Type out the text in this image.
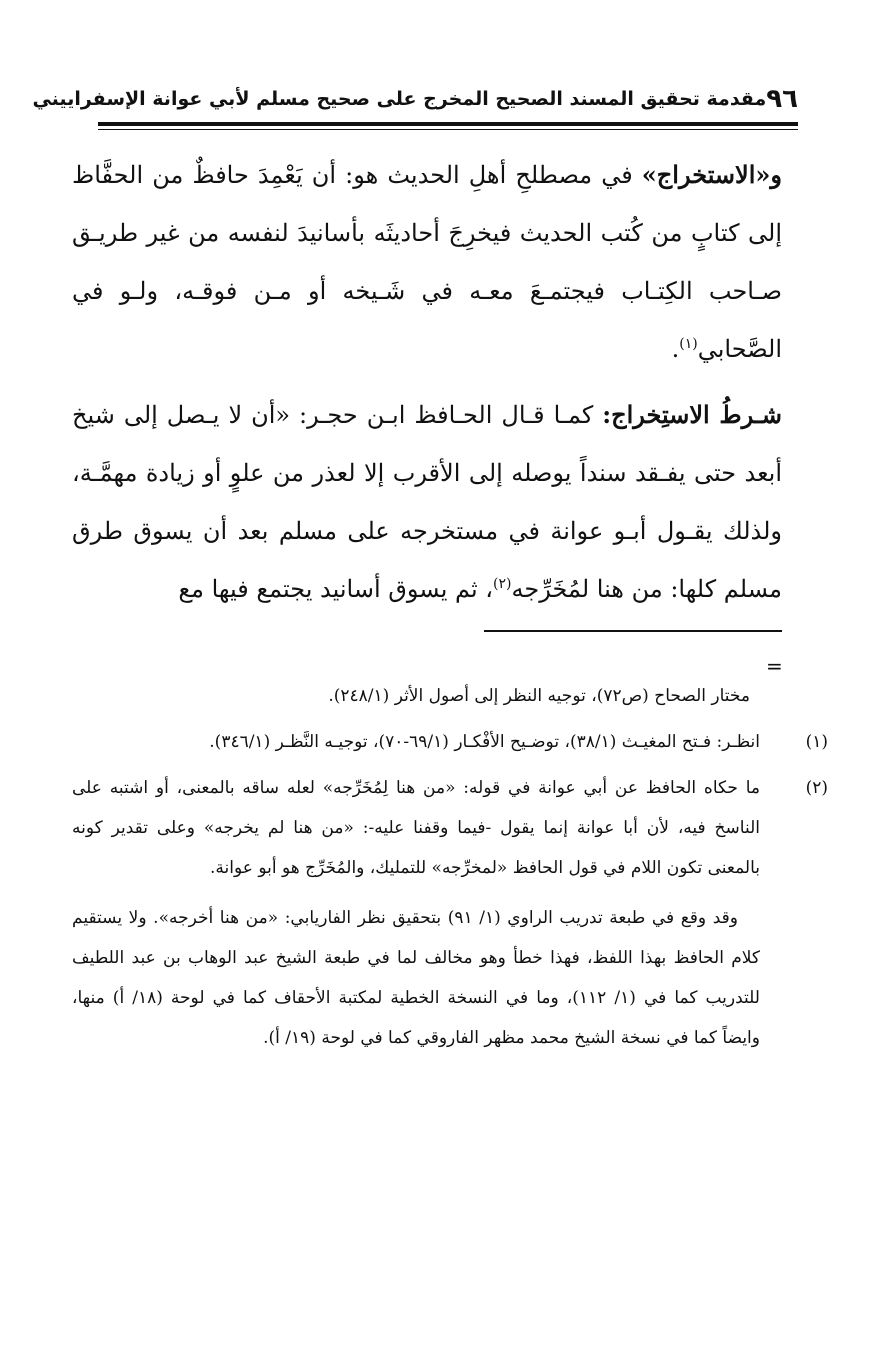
٩٦
مقدمة تحقيق المسند الصحيح المخرج على صحيح مسلم لأبي عوانة الإسفراييني

و«الاستخراج» في مصطلحِ أهلِ الحديث هو: أن يَعْمِدَ حافظٌ من الحفَّاظ إلى كتابٍ من كُتب الحديث فيخرِجَ أحاديثَه بأسانيدَ لنفسه من غير طريـق صـاحب الكِتـاب فيجتمـعَ معـه في شَـيخه أو مـن فوقـه، ولـو في الصَّحابي$^{(١)}$.

شـرطُ الاستِخراج: كمـا قـال الحـافظ ابـن حجـر: «أن لا يـصل إلى شيخ أبعد حتى يفـقد سنداً يوصله إلى الأقرب إلا لعذر من علوٍ أو زيادة مهمَّـة، ولذلك يقـول أبـو عوانة في مستخرجه على مسلم بعد أن يسوق طرق مسلم كلها: من هنا لمُخَرِّجه$^{(٢)}$، ثم يسوق أسانيد يجتمع فيها مع

=

مختار الصحاح (ص٧٢)، توجيه النظر إلى أصول الأثر (٢٤٨/١).

(١)انظـر: فـتح المغيـث (٣٨/١)، توضـيح الأفْكـار (٦٩/١-٧٠)، توجيـه النَّظـر (٣٤٦/١).

(٢)ما حكاه الحافظ عن أبي عوانة في قوله: «من هنا لِمُخَرِّجه» لعله ساقه بالمعنى، أو اشتبه على الناسخ فيه، لأن أبا عوانة إنما يقول -فيما وقفنا عليه-: «من هنا لم يخرجه» وعلى تقدير كونه بالمعنى تكون اللام في قول الحافظ «لمخرِّجه» للتمليك، والمُخَرِّج هو أبو عوانة.

وقد وقع في طبعة تدريب الراوي (١/ ٩١) بتحقيق نظر الفاريابي: «من هنا أخرجه». ولا يستقيم كلام الحافظ بهذا اللفظ، فهذا خطأ وهو مخالف لما في طبعة الشيخ عبد الوهاب بن عبد اللطيف للتدريب كما في (١/ ١١٢)، وما في النسخة الخطية لمكتبة الأحقاف كما في لوحة (١٨/ أ) منها، وايضاً كما في نسخة الشيخ محمد مظهر الفاروقي كما في لوحة (١٩/ أ).
